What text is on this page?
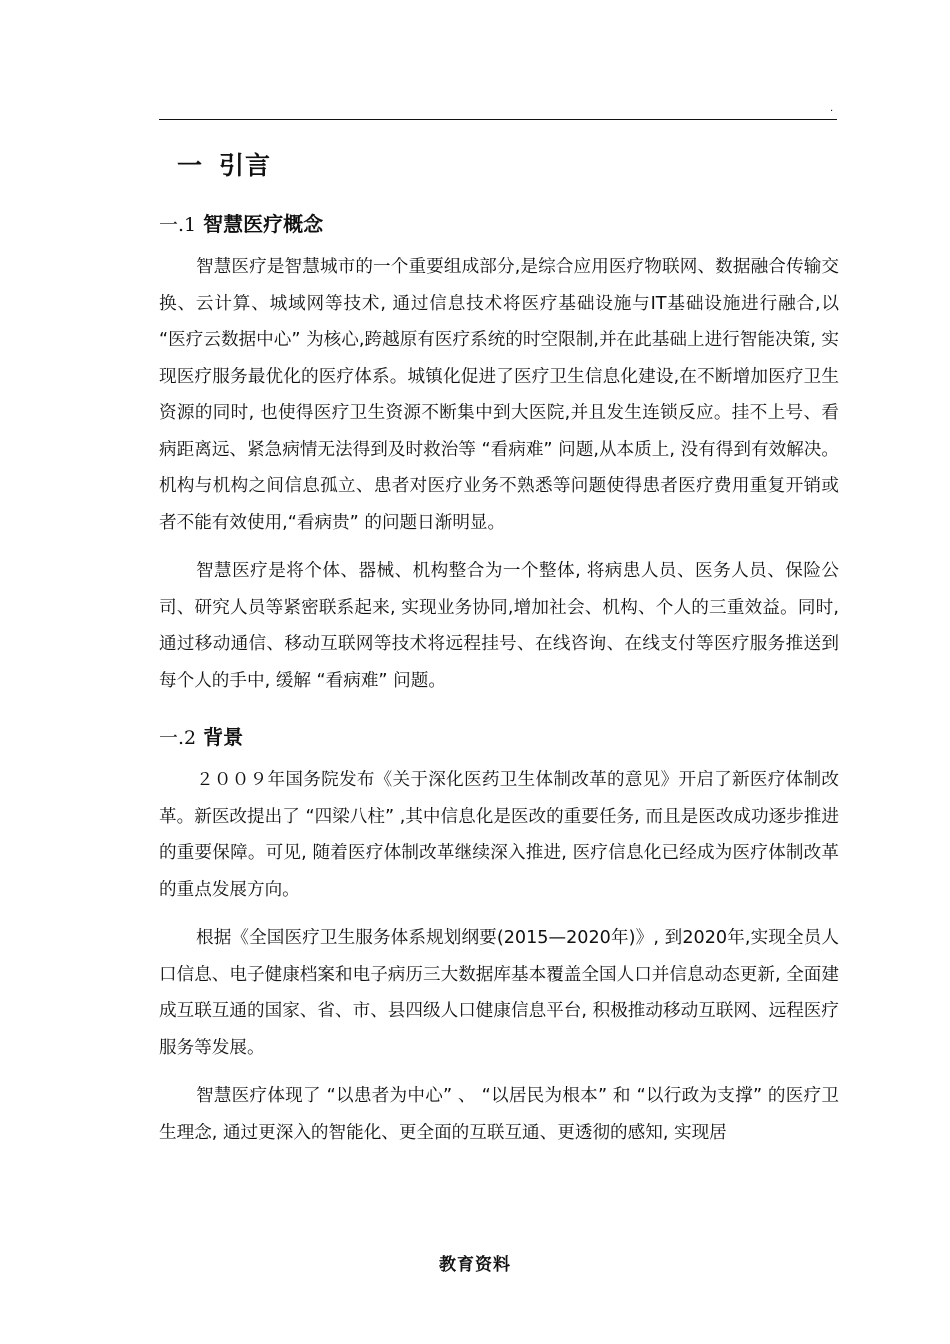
.
一 引言
一.1 智慧医疗概念

智慧医疗是智慧城市的一个重要组成部分,是综合应用医疗物联网、数据融合传输交换、云计算、城域网等技术, 通过信息技术将医疗基础设施与IT基础设施进行融合,以 “医疗云数据中心” 为核心,跨越原有医疗系统的时空限制,并在此基础上进行智能决策, 实现医疗服务最优化的医疗体系。城镇化促进了医疗卫生信息化建设,在不断增加医疗卫生资源的同时, 也使得医疗卫生资源不断集中到大医院,并且发生连锁反应。挂不上号、看病距离远、紧急病情无法得到及时救治等 “看病难” 问题,从本质上, 没有得到有效解决。机构与机构之间信息孤立、患者对医疗业务不熟悉等问题使得患者医疗费用重复开销或者不能有效使用,“看病贵” 的问题日渐明显。

智慧医疗是将个体、器械、机构整合为一个整体, 将病患人员、医务人员、保险公司、研究人员等紧密联系起来, 实现业务协同,增加社会、机构、个人的三重效益。同时,通过移动通信、移动互联网等技术将远程挂号、在线咨询、在线支付等医疗服务推送到每个人的手中, 缓解 “看病难” 问题。

一.2 背景

２００９年国务院发布《关于深化医药卫生体制改革的意见》开启了新医疗体制改革。新医改提出了 “四梁八柱” ,其中信息化是医改的重要任务, 而且是医改成功逐步推进的重要保障。可见, 随着医疗体制改革继续深入推进, 医疗信息化已经成为医疗体制改革的重点发展方向。

根据《全国医疗卫生服务体系规划纲要(2015—2020年)》, 到2020年,实现全员人口信息、电子健康档案和电子病历三大数据库基本覆盖全国人口并信息动态更新, 全面建成互联互通的国家、省、市、县四级人口健康信息平台, 积极推动移动互联网、远程医疗服务等发展。

智慧医疗体现了 “以患者为中心” 、 “以居民为根本” 和 “以行政为支撑” 的医疗卫生理念, 通过更深入的智能化、更全面的互联互通、更透彻的感知, 实现居

教育资料
